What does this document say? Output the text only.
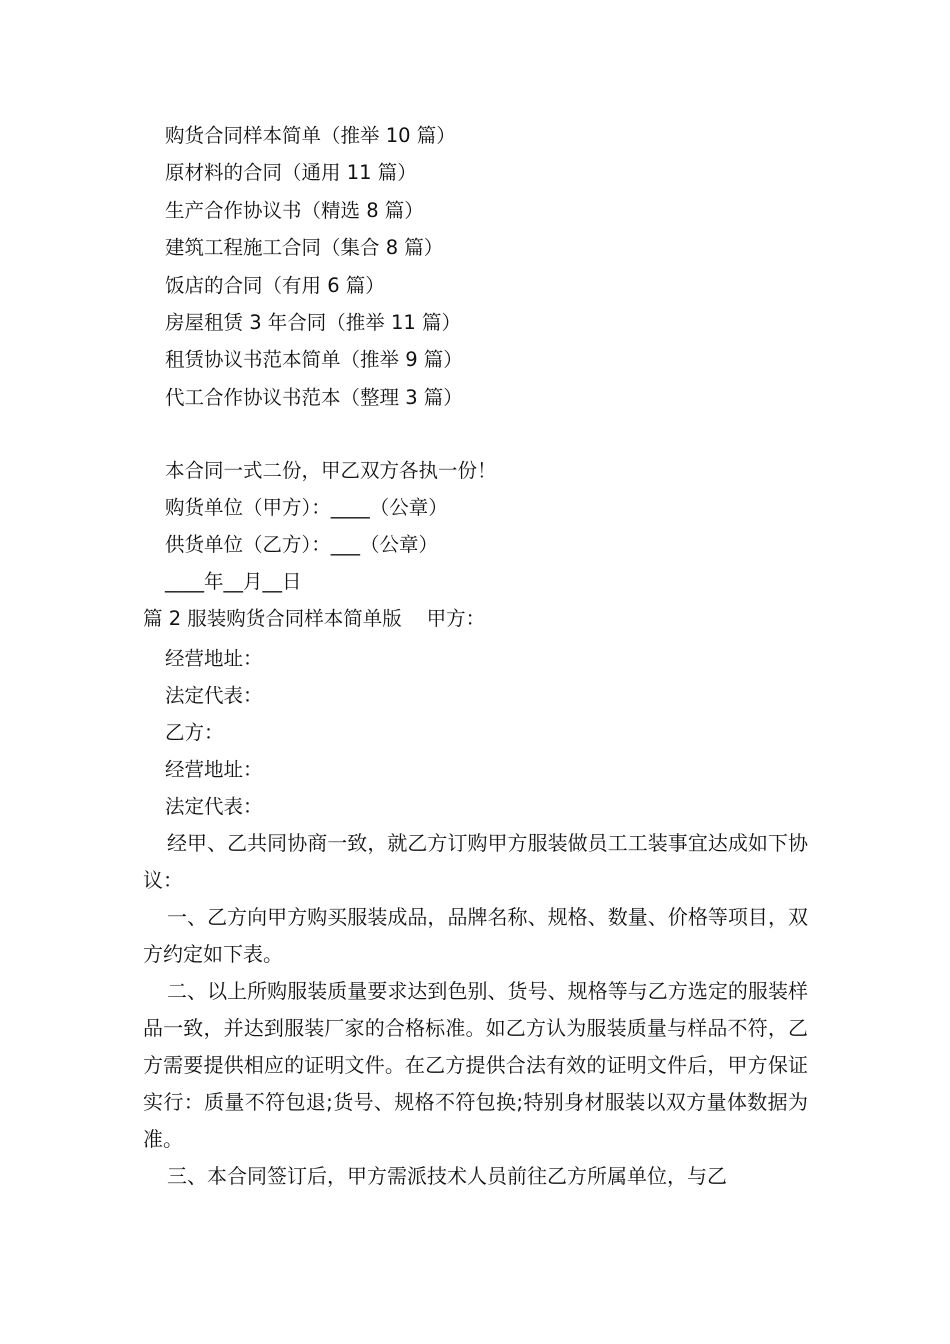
购货合同样本简单（推举 10 篇）
原材料的合同（通用 11 篇）
生产合作协议书（精选 8 篇）
建筑工程施工合同（集合 8 篇）
饭店的合同（有用 6 篇）
房屋租赁 3 年合同（推举 11 篇）
租赁协议书范本简单（推举 9 篇）
代工合作协议书范本（整理 3 篇）
本合同一式二份，甲乙双方各执一份！
购货单位（甲方）：____（公章）
供货单位（乙方）：___（公章）
____年__月__日
篇 2 服装购货合同样本简单版    甲方：
经营地址：
法定代表：
乙方：
经营地址：
法定代表：
经甲、乙共同协商一致，就乙方订购甲方服装做员工工装事宜达成如下协议：
一、乙方向甲方购买服装成品，品牌名称、规格、数量、价格等项目，双方约定如下表。
二、以上所购服装质量要求达到色别、货号、规格等与乙方选定的服装样品一致，并达到服装厂家的合格标准。如乙方认为服装质量与样品不符，乙方需要提供相应的证明文件。在乙方提供合法有效的证明文件后，甲方保证实行：质量不符包退;货号、规格不符包换;特别身材服装以双方量体数据为准。
三、本合同签订后，甲方需派技术人员前往乙方所属单位，与乙
